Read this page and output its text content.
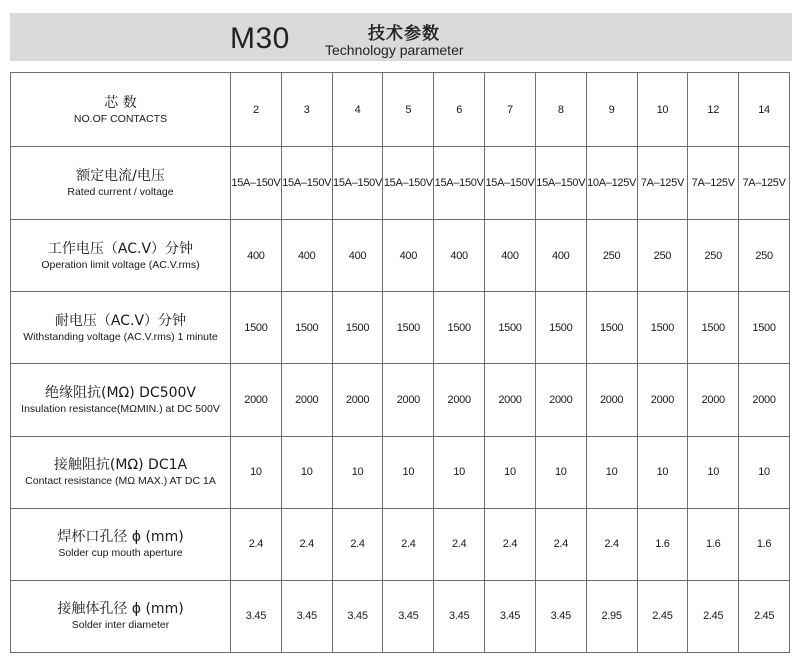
M30	技术参数
Technology parameter
芯 数
NO.OF CONTACTS	2	3	4	5	6	7	8	9	10	12	14

额定电流/电压
Rated current / voltage	15A–150V	15A–150V	15A–150V	15A–150V	15A–150V	15A–150V	15A–150V	10A–125V	7A–125V	7A–125V	7A–125V

工作电压（AC.V）分钟
Operation limit voltage (AC.V.rms)	400	400	400	400	400	400	400	250	250	250	250

耐电压（AC.V）分钟
Withstanding voltage (AC.V.rms) 1 minute	1500	1500	1500	1500	1500	1500	1500	1500	1500	1500	1500

绝缘阻抗(MΩ) DC500V
Insulation resistance(MΩMIN.) at DC 500V	2000	2000	2000	2000	2000	2000	2000	2000	2000	2000	2000

接触阻抗(MΩ) DC1A
Contact resistance (MΩ MAX.) AT DC 1A	10	10	10	10	10	10	10	10	10	10	10

焊杯口孔径 ϕ (mm)
Solder cup mouth aperture	2.4	2.4	2.4	2.4	2.4	2.4	2.4	2.4	1.6	1.6	1.6

接触体孔径 ϕ (mm)
Solder inter diameter	3.45	3.45	3.45	3.45	3.45	3.45	3.45	2.95	2.45	2.45	2.45
